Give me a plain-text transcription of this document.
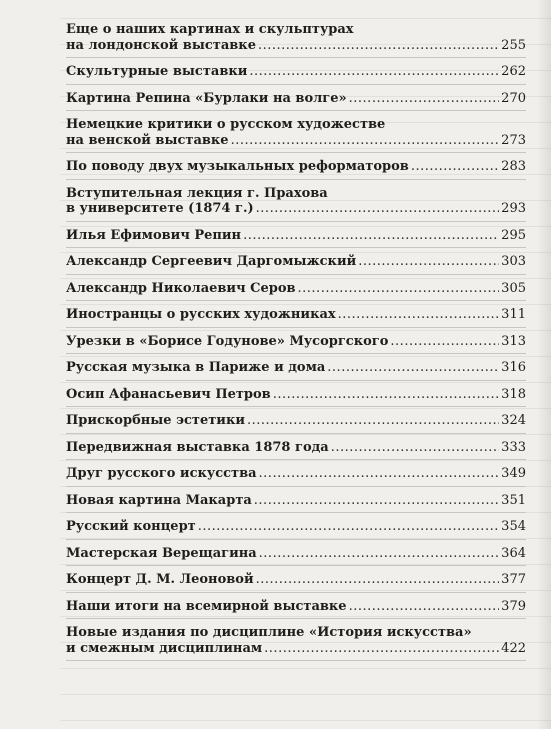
Еще о наших картинах и скульптурах
на лондонской выставке .....	255
Скультурные выставки .....	262
Картина Репина «Бурлаки на волге» .....	270
Немецкие критики о русском художестве
на венской выставке .....	273
По поводу двух музыкальных реформаторов .....	283
Вступительная лекция г. Прахова
в университете (1874 г.) .....	293
Илья Ефимович Репин .....	295
Александр Сергеевич Даргомыжский .....	303
Александр Николаевич Серов .....	305
Иностранцы о русских художниках .....	311
Урезки в «Борисе Годунове» Мусоргского .....	313
Русская музыка в Париже и дома .....	316
Осип Афанасьевич Петров .....	318
Прискорбные эстетики .....	324
Передвижная выставка 1878 года .....	333
Друг русского искусства .....	349
Новая картина Макарта .....	351
Русский концерт .....	354
Мастерская Верещагина .....	364
Концерт Д. М. Леоновой .....	377
Наши итоги на всемирной выставке .....	379
Новые издания по дисциплине «История искусства»
и смежным дисциплинам .....	422
